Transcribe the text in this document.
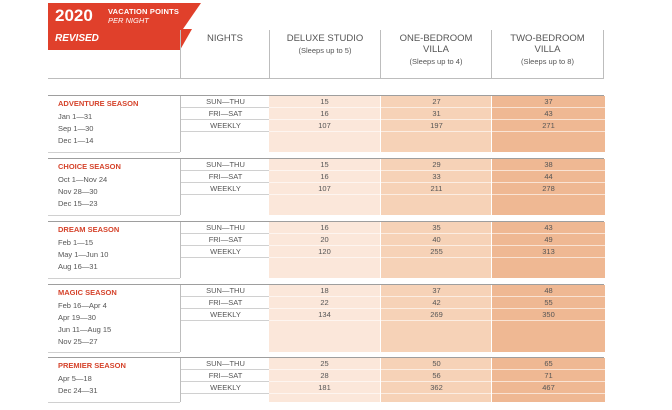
2020 VACATION POINTS
PER NIGHT
REVISED	NIGHTS	DELUXE STUDIO
(Sleeps up to 5)
ONE-BEDROOM
VILLA
(Sleeps up to 4)
TWO-BEDROOM
VILLA
(Sleeps up to 8)
ADVENTURE SEASON
Jan 1—31
Sep 1—30
Dec 1—14
SUN—THU
FRI—SAT
WEEKLY
15
16
107
27
31
197
37
43
271
CHOICE SEASON
Oct 1—Nov 24
Nov 28—30
Dec 15—23
SUN—THU
FRI—SAT
WEEKLY
15
16
107
29
33
211
38
44
278
DREAM SEASON
Feb 1—15
May 1—Jun 10
Aug 16—31
SUN—THU
FRI—SAT
WEEKLY
16
20
120
35
40
255
43
49
313
MAGIC SEASON
Feb 16—Apr 4
Apr 19—30
Jun 11—Aug 15
Nov 25—27
SUN—THU
FRI—SAT
WEEKLY
18
22
134
37
42
269
48
55
350
PREMIER SEASON
Apr 5—18
Dec 24—31
SUN—THU
FRI—SAT
WEEKLY
25
28
181
50
56
362
65
71
467
